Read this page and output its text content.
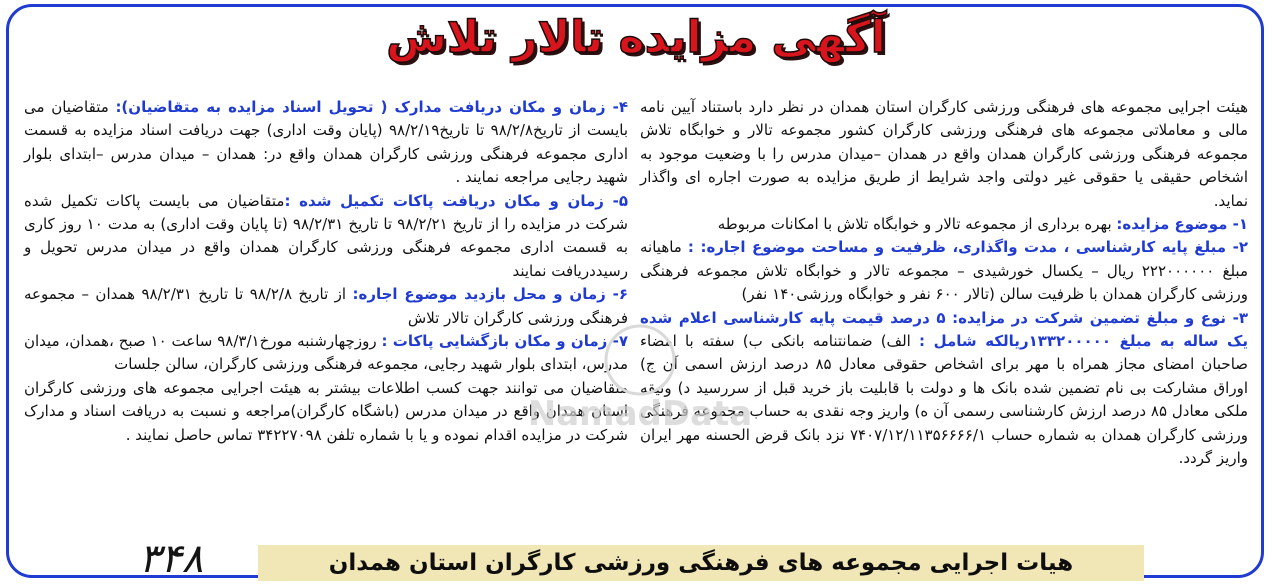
آگهی مزایده تالار تلاش

هیئت اجرایی مجموعه های فرهنگی ورزشی کارگران استان همدان در نظر دارد باستناد آیین نامه مالی و معاملاتی مجموعه های فرهنگی ورزشی کارگران کشور مجموعه تالار و خوابگاه تلاش مجموعه فرهنگی ورزشی کارگران همدان واقع در همدان –میدان مدرس را با وضعیت موجود به اشخاص حقیقی یا حقوقی غیر دولتی واجد شرایط از طریق مزایده به صورت اجاره ای واگذار نماید.

۱- موضوع مزایده: بهره برداری از مجموعه تالار و خوابگاه تلاش با امکانات مربوطه

۲- مبلغ پایه کارشناسی ، مدت واگذاری، ظرفیت و مساحت موضوع اجاره: : ماهیانه مبلغ ۲۲۲۰۰۰۰۰۰ ریال – یکسال خورشیدی – مجموعه تالار و خوابگاه تلاش مجموعه فرهنگی ورزشی کارگران همدان با ظرفیت سالن (تالار ۶۰۰ نفر و خوابگاه ورزشی۱۴۰ نفر)

۳- نوع و مبلغ تضمین شرکت در مزایده: ۵ درصد قیمت پایه کارشناسی اعلام شده یک ساله به مبلغ ۱۳۳۲۰۰۰۰۰ریالکه شامل : الف) ضمانتنامه بانکی ب) سفته با امضاء صاحبان امضای مجاز همراه با مهر برای اشخاص حقوقی معادل ۸۵ درصد ارزش اسمی آن ج) اوراق مشارکت بی نام تضمین شده بانک ها و دولت با قابلیت باز خرید قبل از سررسید د) وثیقه ملکی معادل ۸۵ درصد ارزش کارشناسی رسمی آن ه) واریز وجه نقدی به حساب مجموعه فرهنگی ورزشی کارگران همدان به شماره حساب ۷۴۰۷/۱۲/۱۱۳۵۶۶۶۶/۱ نزد بانک قرض الحسنه مهر ایران واریز گردد.

۴- زمان و مکان دریافت مدارک ( تحویل اسناد مزایده به متقاضیان): متقاضیان می بایست از تاریخ۹۸/۲/۸ تا تاریخ۹۸/۲/۱۹ (پایان وقت اداری) جهت دریافت اسناد مزایده به قسمت اداری مجموعه فرهنگی ورزشی کارگران همدان واقع در: همدان – میدان مدرس –ابتدای بلوار شهید رجایی مراجعه نمایند .

۵- زمان و مکان دریافت پاکات تکمیل شده :متقاضیان می بایست پاکات تکمیل شده شرکت در مزایده را از تاریخ ۹۸/۲/۲۱ تا تاریخ ۹۸/۲/۳۱ (تا پایان وقت اداری) به مدت ۱۰ روز کاری به قسمت اداری مجموعه فرهنگی ورزشی کارگران همدان واقع در میدان مدرس تحویل و رسیددریافت نمایند

۶- زمان و محل بازدید موضوع اجاره: از تاریخ ۹۸/۲/۸ تا تاریخ ۹۸/۲/۳۱ همدان – مجموعه فرهنگی ورزشی کارگران تالار تلاش

۷- زمان و مکان بازگشایی پاکات : روزچهارشنبه مورخ۹۸/۳/۱ ساعت ۱۰ صبح ،همدان، میدان مدرس، ابتدای بلوار شهید رجایی، مجموعه فرهنگی ورزشی کارگران، سالن جلسات

متقاضیان می توانند جهت کسب اطلاعات بیشتر به هیئت اجرایی مجموعه های ورزشی کارگران استان همدان واقع در میدان مدرس (باشگاه کارگران)مراجعه و نسبت به دریافت اسناد و مدارک شرکت در مزایده اقدام نموده و یا با شماره تلفن ۳۴۲۲۷۰۹۸ تماس حاصل نمایند .

NamadData
هیات اجرایی مجموعه های فرهنگی ورزشی کارگران استان همدان
۳۴۸
